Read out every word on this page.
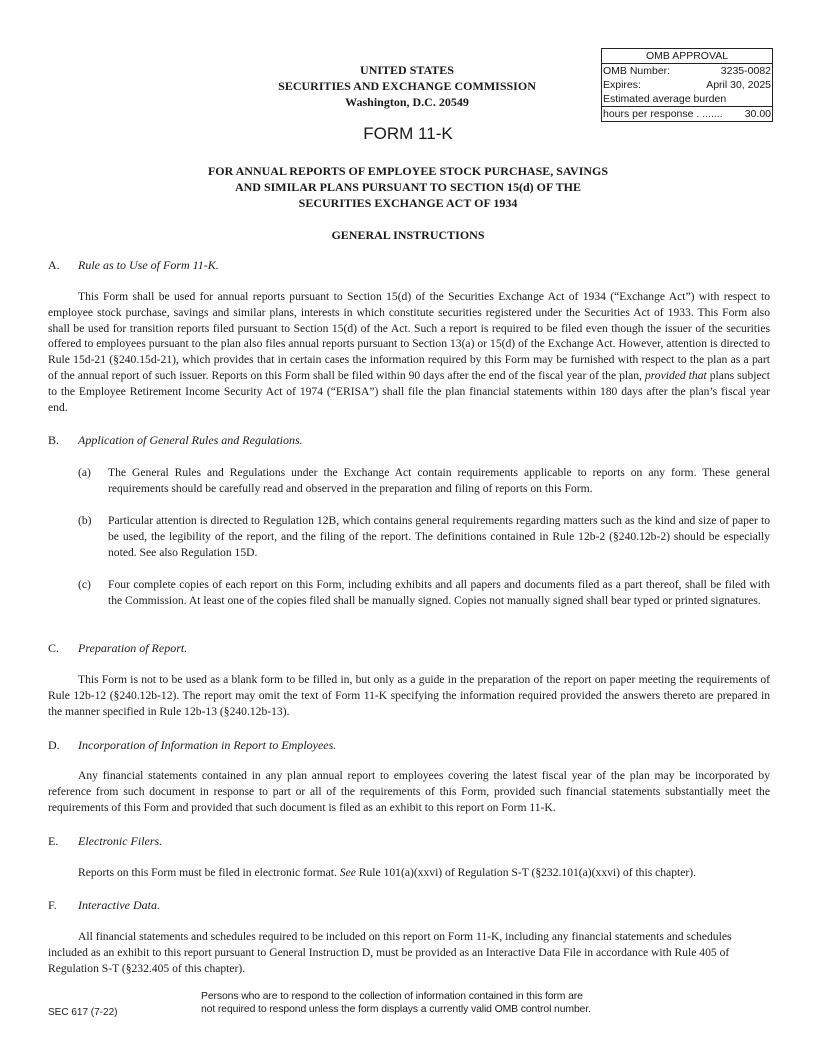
OMB APPROVAL
OMB Number:	3235-0082
Expires:	April 30, 2025
Estimated average burden
hours per response . ....... 30.00
UNITED STATES
SECURITIES AND EXCHANGE COMMISSION
Washington, D.C. 20549
FORM 11-K
FOR ANNUAL REPORTS OF EMPLOYEE STOCK PURCHASE, SAVINGS
AND SIMILAR PLANS PURSUANT TO SECTION 15(d) OF THE
SECURITIES EXCHANGE ACT OF 1934
GENERAL INSTRUCTIONS
A. Rule as to Use of Form 11-K.
This Form shall be used for annual reports pursuant to Section 15(d) of the Securities Exchange Act of 1934 (“Exchange Act”) with respect to employee stock purchase, savings and similar plans, interests in which constitute securities registered under the Securities Act of 1933. This Form also shall be used for transition reports filed pursuant to Section 15(d) of the Act. Such a report is required to be filed even though the issuer of the securities offered to employees pursuant to the plan also files annual reports pursuant to Section 13(a) or 15(d) of the Exchange Act. However, attention is directed to Rule 15d-21 (§240.15d-21), which provides that in certain cases the information required by this Form may be furnished with respect to the plan as a part of the annual report of such issuer. Reports on this Form shall be filed within 90 days after the end of the fiscal year of the plan, provided that plans subject to the Employee Retirement Income Security Act of 1974 (“ERISA”) shall file the plan financial statements within 180 days after the plan’s fiscal year end.
B. Application of General Rules and Regulations.
(a) The General Rules and Regulations under the Exchange Act contain requirements applicable to reports on any form. These general requirements should be carefully read and observed in the preparation and filing of reports on this Form.
(b) Particular attention is directed to Regulation 12B, which contains general requirements regarding matters such as the kind and size of paper to be used, the legibility of the report, and the filing of the report. The definitions contained in Rule 12b-2 (§240.12b-2) should be especially noted. See also Regulation 15D.
(c) Four complete copies of each report on this Form, including exhibits and all papers and documents filed as a part thereof, shall be filed with the Commission. At least one of the copies filed shall be manually signed. Copies not manually signed shall bear typed or printed signatures.
C. Preparation of Report.
This Form is not to be used as a blank form to be filled in, but only as a guide in the preparation of the report on paper meeting the requirements of Rule 12b-12 (§240.12b-12). The report may omit the text of Form 11-K specifying the information required provided the answers thereto are prepared in the manner specified in Rule 12b-13 (§240.12b-13).
D. Incorporation of Information in Report to Employees.
Any financial statements contained in any plan annual report to employees covering the latest fiscal year of the plan may be incorporated by reference from such document in response to part or all of the requirements of this Form, provided such financial statements substantially meet the requirements of this Form and provided that such document is filed as an exhibit to this report on Form 11-K.
E. Electronic Filers.
Reports on this Form must be filed in electronic format. See Rule 101(a)(xxvi) of Regulation S-T (§232.101(a)(xxvi) of this chapter).
F. Interactive Data.
All financial statements and schedules required to be included on this report on Form 11-K, including any financial statements and schedules included as an exhibit to this report pursuant to General Instruction D, must be provided as an Interactive Data File in accordance with Rule 405 of Regulation S-T (§232.405 of this chapter).
SEC 617 (7-22)
Persons who are to respond to the collection of information contained in this form are
not required to respond unless the form displays a currently valid OMB control number.
